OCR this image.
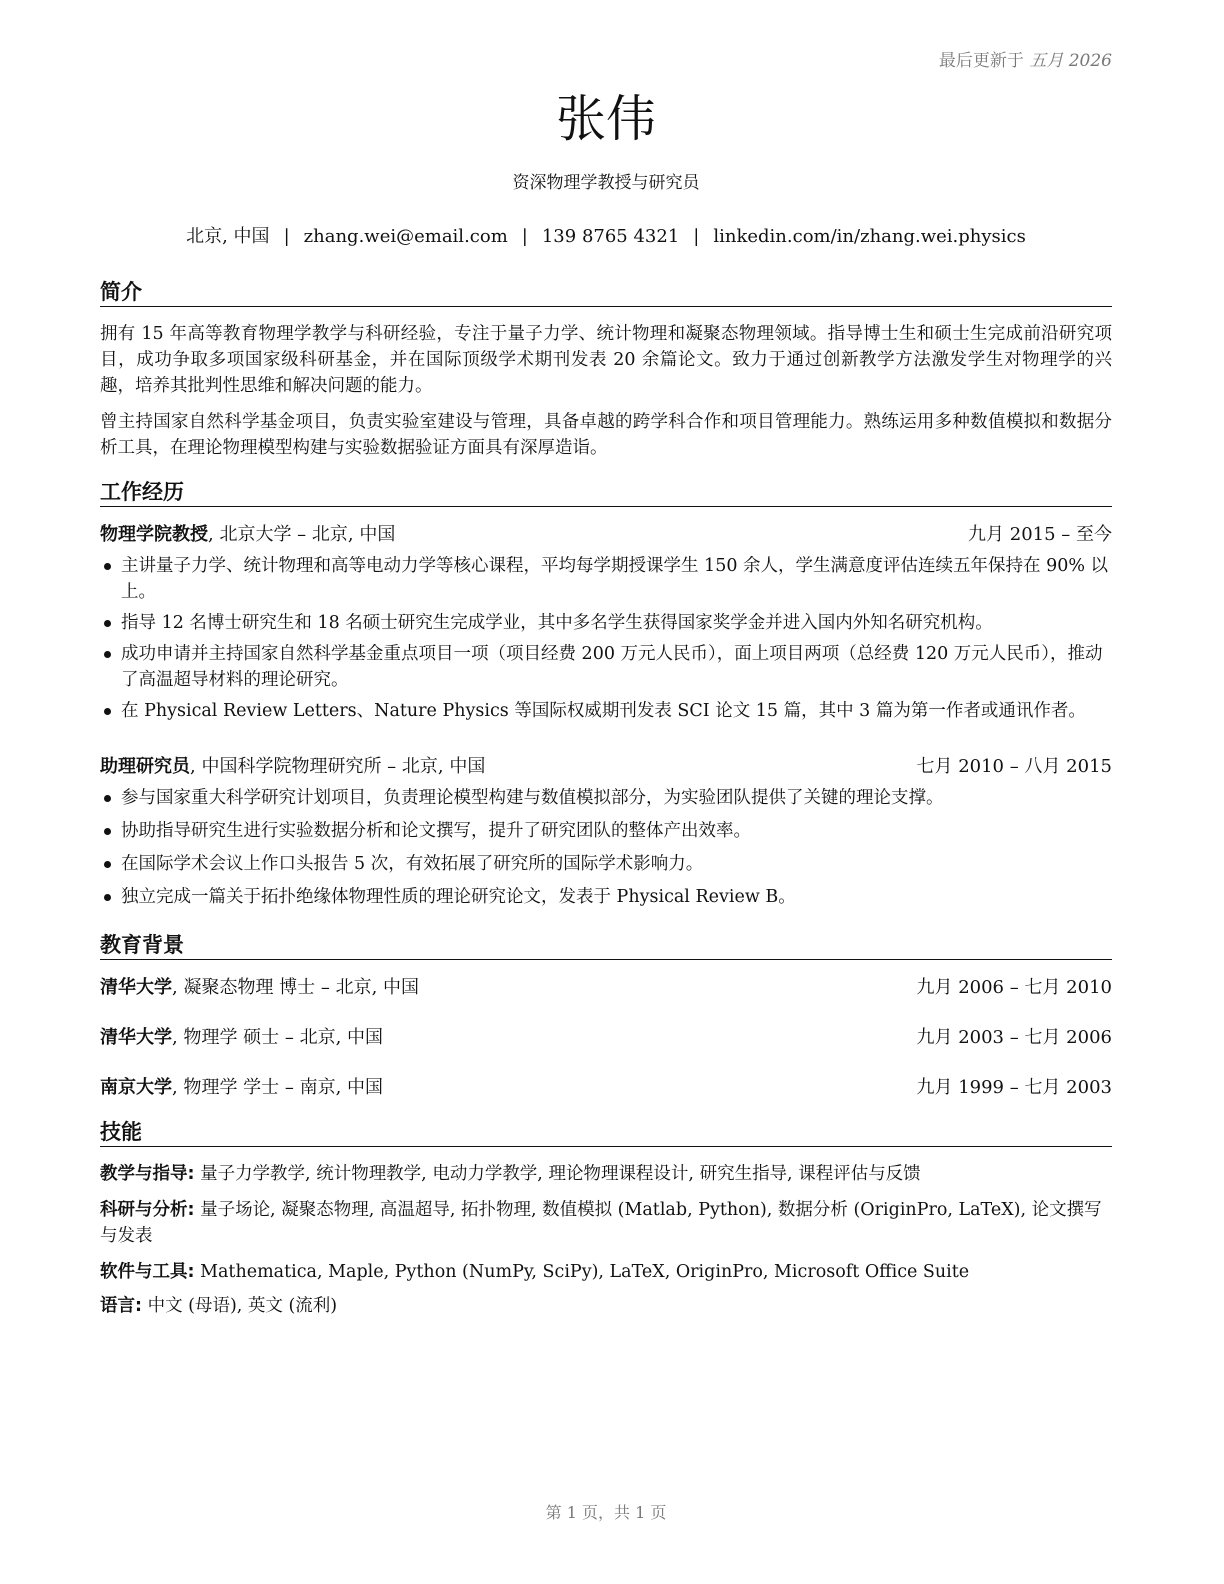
最后更新于 五月 2026
张伟
资深物理学教授与研究员
北京, 中国 | zhang.wei@email.com | 139 8765 4321 | linkedin.com/in/zhang.wei.physics
简介

拥有 15 年高等教育物理学教学与科研经验，专注于量子力学、统计物理和凝聚态物理领域。指导博士生和硕士生完成前沿研究项目，成功争取多项国家级科研基金，并在国际顶级学术期刊发表 20 余篇论文。致力于通过创新教学方法激发学生对物理学的兴趣，培养其批判性思维和解决问题的能力。

曾主持国家自然科学基金项目，负责实验室建设与管理，具备卓越的跨学科合作和项目管理能力。熟练运用多种数值模拟和数据分析工具，在理论物理模型构建与实验数据验证方面具有深厚造诣。

工作经历
物理学院教授, 北京大学 – 北京, 中国	九月 2015 – 至今
主讲量子力学、统计物理和高等电动力学等核心课程，平均每学期授课学生 150 余人，学生满意度评估连续五年保持在 90% 以上。
指导 12 名博士研究生和 18 名硕士研究生完成学业，其中多名学生获得国家奖学金并进入国内外知名研究机构。
成功申请并主持国家自然科学基金重点项目一项（项目经费 200 万元人民币），面上项目两项（总经费 120 万元人民币），推动了高温超导材料的理论研究。
在 Physical Review Letters、Nature Physics 等国际权威期刊发表 SCI 论文 15 篇，其中 3 篇为第一作者或通讯作者。
助理研究员, 中国科学院物理研究所 – 北京, 中国	七月 2010 – 八月 2015
参与国家重大科学研究计划项目，负责理论模型构建与数值模拟部分，为实验团队提供了关键的理论支撑。
协助指导研究生进行实验数据分析和论文撰写，提升了研究团队的整体产出效率。
在国际学术会议上作口头报告 5 次，有效拓展了研究所的国际学术影响力。
独立完成一篇关于拓扑绝缘体物理性质的理论研究论文，发表于 Physical Review B。
教育背景
清华大学, 凝聚态物理 博士 – 北京, 中国	九月 2006 – 七月 2010
清华大学, 物理学 硕士 – 北京, 中国	九月 2003 – 七月 2006
南京大学, 物理学 学士 – 南京, 中国	九月 1999 – 七月 2003
技能

教学与指导: 量子力学教学, 统计物理教学, 电动力学教学, 理论物理课程设计, 研究生指导, 课程评估与反馈

科研与分析: 量子场论, 凝聚态物理, 高温超导, 拓扑物理, 数值模拟 (Matlab, Python), 数据分析 (OriginPro, LaTeX), 论文撰写与发表

软件与工具: Mathematica, Maple, Python (NumPy, SciPy), LaTeX, OriginPro, Microsoft Office Suite

语言: 中文 (母语), 英文 (流利)

第 1 页，共 1 页
